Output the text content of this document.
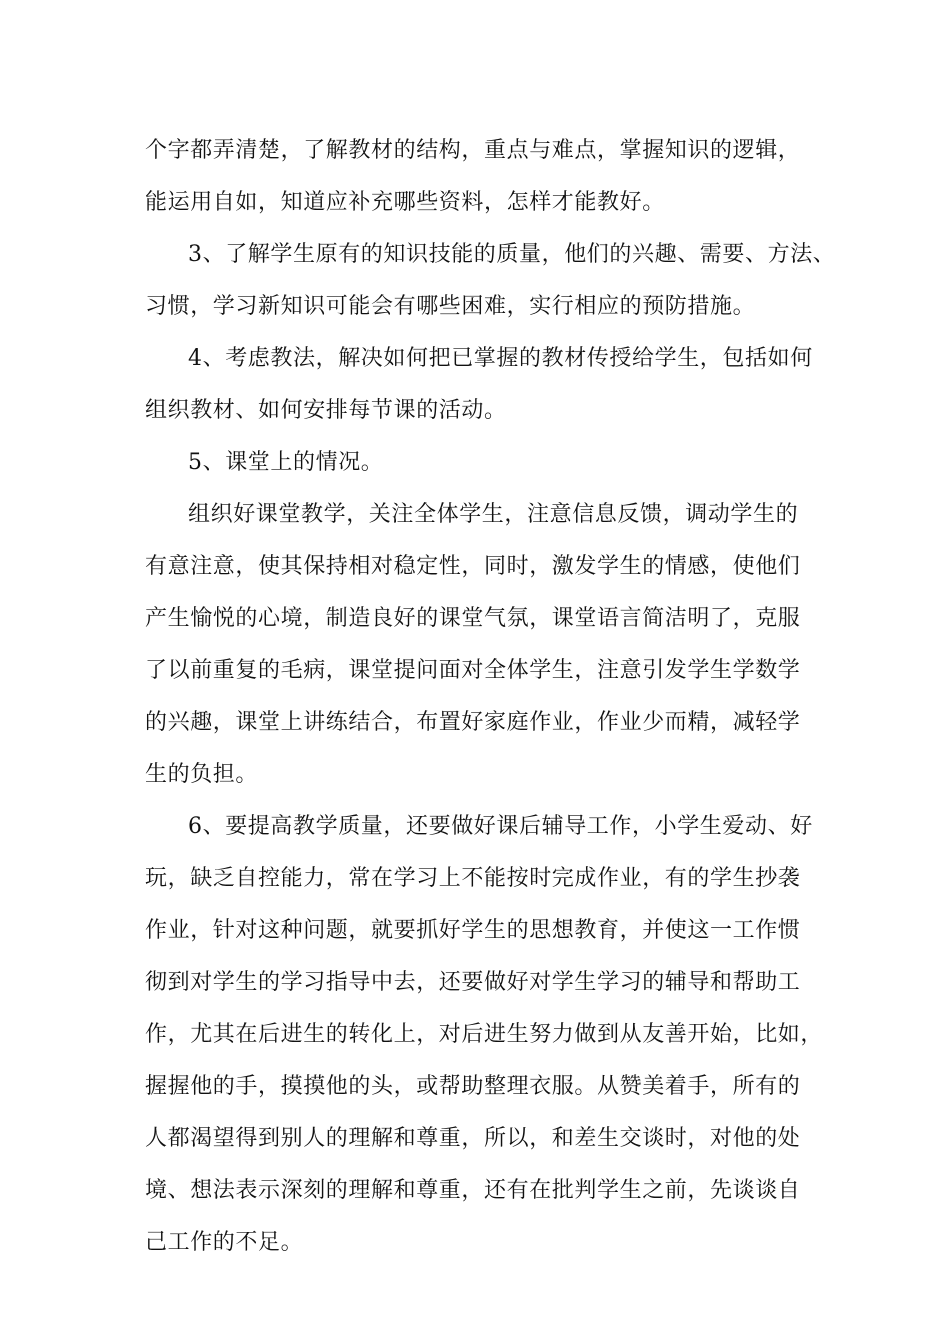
个字都弄清楚，了解教材的结构，重点与难点，掌握知识的逻辑，
能运用自如，知道应补充哪些资料，怎样才能教好。
3、了解学生原有的知识技能的质量，他们的兴趣、需要、方法、
习惯，学习新知识可能会有哪些困难，实行相应的预防措施。
4、考虑教法，解决如何把已掌握的教材传授给学生，包括如何
组织教材、如何安排每节课的活动。
5、课堂上的情况。
组织好课堂教学，关注全体学生，注意信息反馈，调动学生的
有意注意，使其保持相对稳定性，同时，激发学生的情感，使他们
产生愉悦的心境，制造良好的课堂气氛，课堂语言简洁明了，克服
了以前重复的毛病，课堂提问面对全体学生，注意引发学生学数学
的兴趣，课堂上讲练结合，布置好家庭作业，作业少而精，减轻学
生的负担。
6、要提高教学质量，还要做好课后辅导工作，小学生爱动、好
玩，缺乏自控能力，常在学习上不能按时完成作业，有的学生抄袭
作业，针对这种问题，就要抓好学生的思想教育，并使这一工作惯
彻到对学生的学习指导中去，还要做好对学生学习的辅导和帮助工
作，尤其在后进生的转化上，对后进生努力做到从友善开始，比如，
握握他的手，摸摸他的头，或帮助整理衣服。从赞美着手，所有的
人都渴望得到别人的理解和尊重，所以，和差生交谈时，对他的处
境、想法表示深刻的理解和尊重，还有在批判学生之前，先谈谈自
己工作的不足。
